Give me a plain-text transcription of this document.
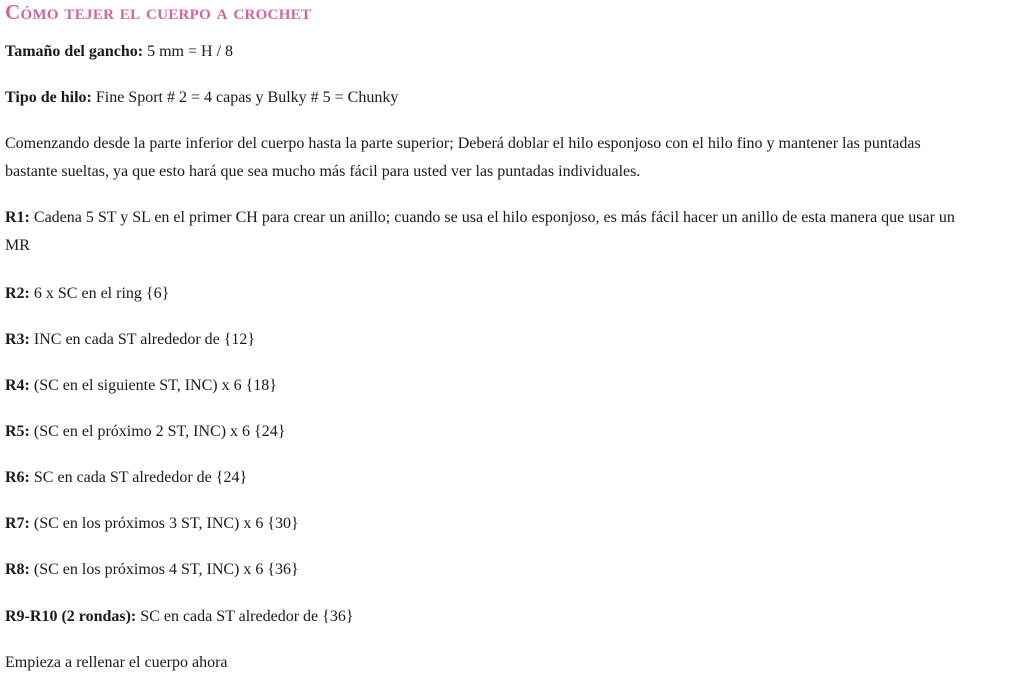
Cómo tejer el cuerpo a crochet

Tamaño del gancho: 5 mm = H / 8

Tipo de hilo: Fine Sport # 2 = 4 capas y Bulky # 5 = Chunky

Comenzando desde la parte inferior del cuerpo hasta la parte superior; Deberá doblar el hilo esponjoso con el hilo fino y mantener las puntadas bastante sueltas, ya que esto hará que sea mucho más fácil para usted ver las puntadas individuales.

R1: Cadena 5 ST y SL en el primer CH para crear un anillo; cuando se usa el hilo esponjoso, es más fácil hacer un anillo de esta manera que usar un MR

R2: 6 x SC en el ring {6}

R3: INC en cada ST alrededor de {12}

R4: (SC en el siguiente ST, INC) x 6 {18}

R5: (SC en el próximo 2 ST, INC) x 6 {24}

R6: SC en cada ST alrededor de {24}

R7: (SC en los próximos 3 ST, INC) x 6 {30}

R8: (SC en los próximos 4 ST, INC) x 6 {36}

R9-R10 (2 rondas): SC en cada ST alrededor de {36}

Empieza a rellenar el cuerpo ahora
